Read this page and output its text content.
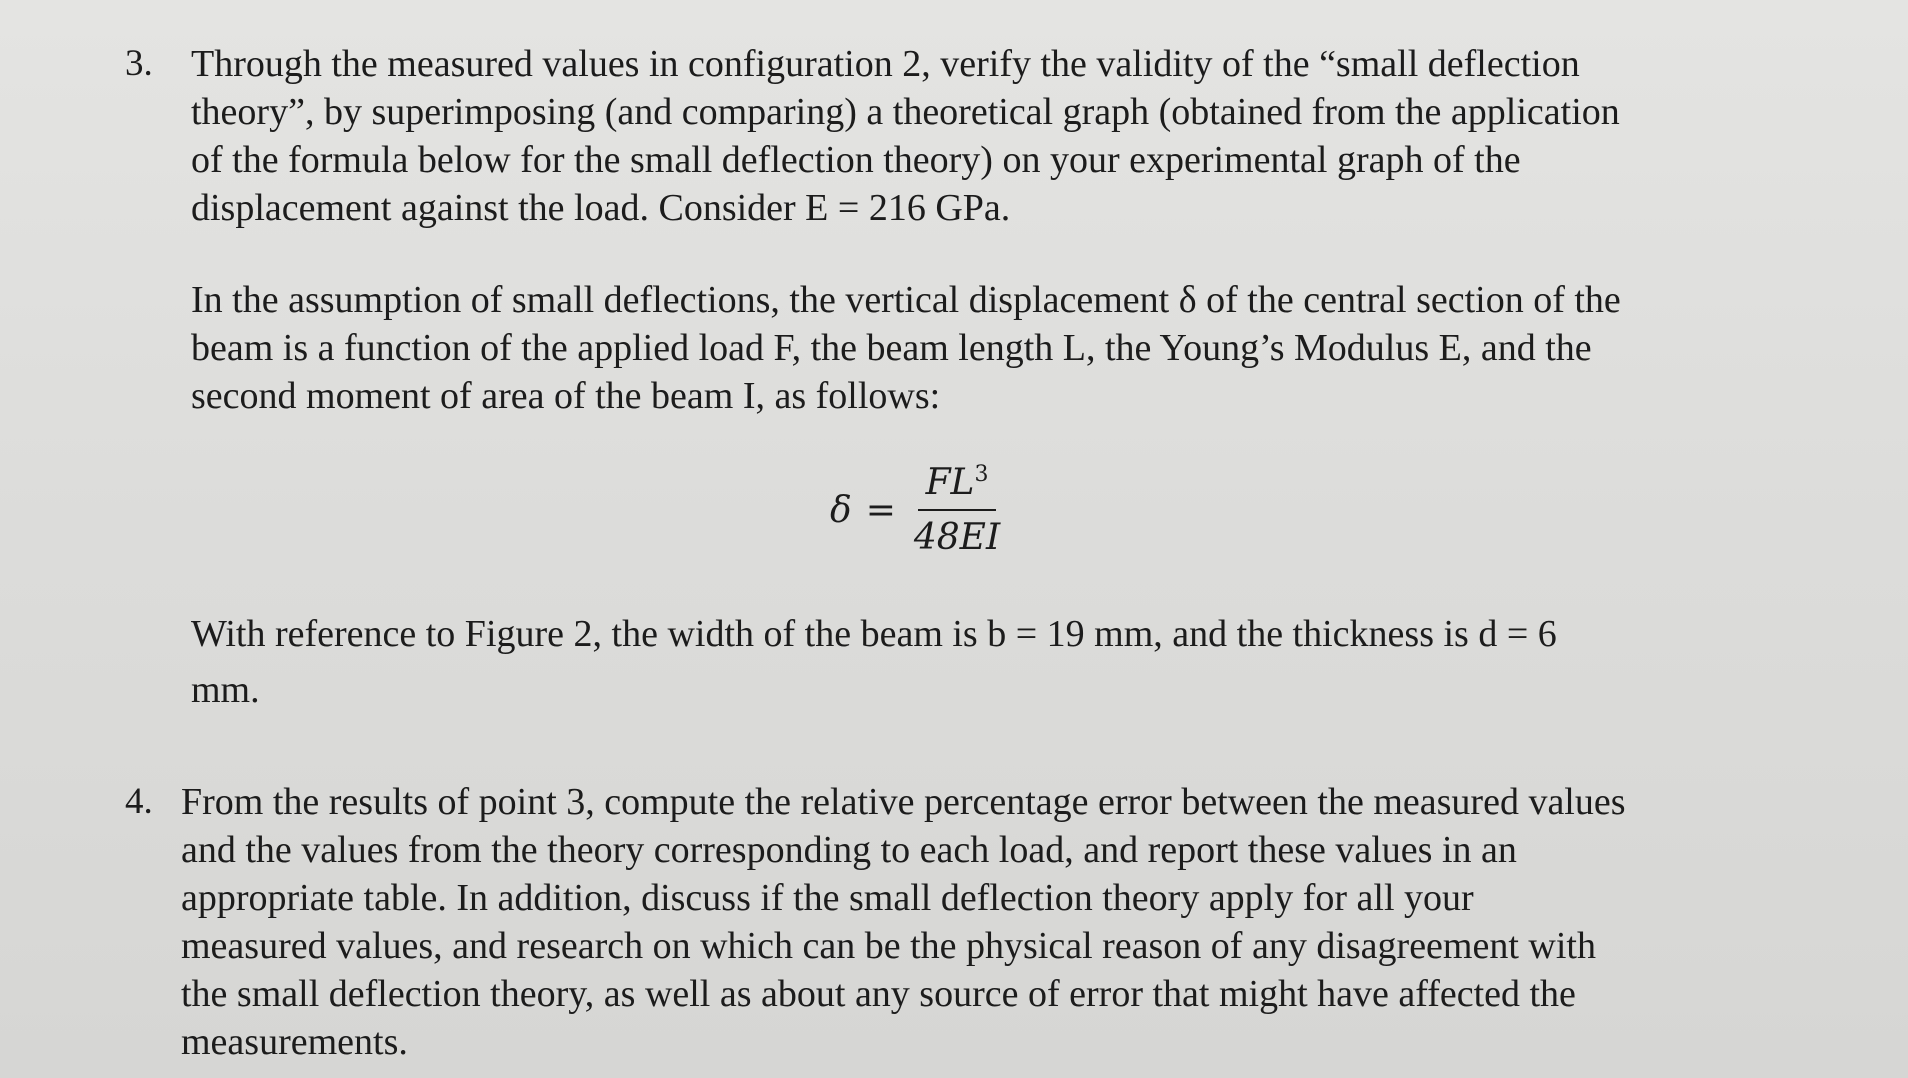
3. Through the measured values in configuration 2, verify the validity of the “small deflection
theory”, by superimposing (and comparing) a theoretical graph (obtained from the application
of the formula below for the small deflection theory) on your experimental graph of the
displacement against the load. Consider E = 216 GPa.
In the assumption of small deflections, the vertical displacement δ of the central section of the
beam is a function of the applied load F, the beam length L, the Young’s Modulus E, and the
second moment of area of the beam I, as follows:
With reference to Figure 2, the width of the beam is b = 19 mm, and the thickness is d = 6
mm.
$\delta = \frac{FL^3}{48EI}$
4. From the results of point 3, compute the relative percentage error between the measured values
and the values from the theory corresponding to each load, and report these values in an
appropriate table. In addition, discuss if the small deflection theory apply for all your
measured values, and research on which can be the physical reason of any disagreement with
the small deflection theory, as well as about any source of error that might have affected the
measurements.
